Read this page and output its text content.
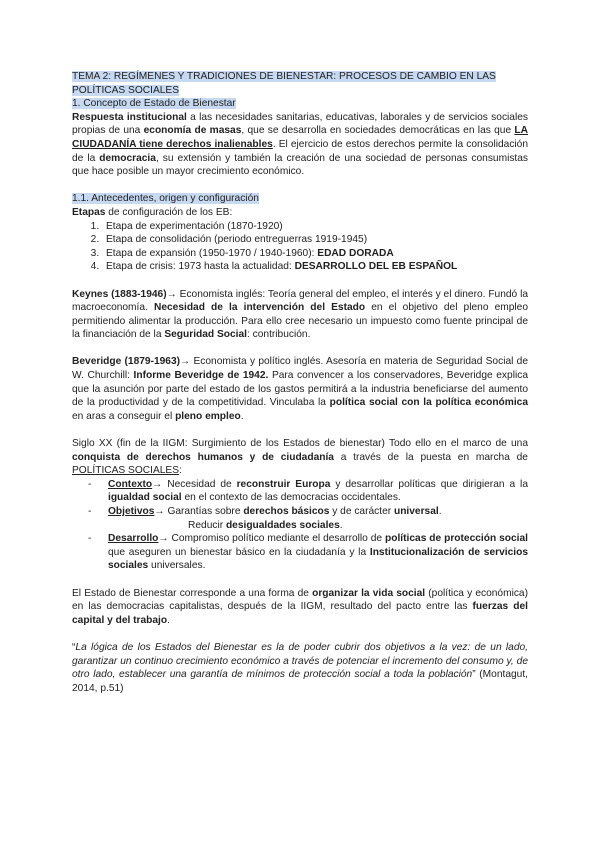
TEMA 2: REGÍMENES Y TRADICIONES DE BIENESTAR: PROCESOS DE CAMBIO EN LAS POLÍTICAS SOCIALES
1. Concepto de Estado de Bienestar

Respuesta institucional a las necesidades sanitarias, educativas, laborales y de servicios sociales propias de una economía de masas, que se desarrolla en sociedades democráticas en las que LA CIUDADANÍA tiene derechos inalienables. El ejercicio de estos derechos permite la consolidación de la democracia, su extensión y también la creación de una sociedad de personas consumistas que hace posible un mayor crecimiento económico.

1.1. Antecedentes, origen y configuración

Etapas de configuración de los EB:

1. Etapa de experimentación (1870-1920)
2. Etapa de consolidación (periodo entreguerras 1919-1945)
3. Etapa de expansión (1950-1970 / 1940-1960): EDAD DORADA
4. Etapa de crisis: 1973 hasta la actualidad: DESARROLLO DEL EB ESPAÑOL

Keynes (1883-1946)→ Economista inglés: Teoría general del empleo, el interés y el dinero. Fundó la macroeconomía. Necesidad de la intervención del Estado en el objetivo del pleno empleo permitiendo alimentar la producción. Para ello cree necesario un impuesto como fuente principal de la financiación de la Seguridad Social: contribución.

Beveridge (1879-1963)→ Economista y político inglés. Asesoría en materia de Seguridad Social de W. Churchill: Informe Beveridge de 1942. Para convencer a los conservadores, Beveridge explica que la asunción por parte del estado de los gastos permitirá a la industria beneficiarse del aumento de la productividad y de la competitividad. Vinculaba la política social con la política económica en aras a conseguir el pleno empleo.

Siglo XX (fin de la IIGM: Surgimiento de los Estados de bienestar) Todo ello en el marco de una conquista de derechos humanos y de ciudadanía a través de la puesta en marcha de POLÍTICAS SOCIALES:

- Contexto→ Necesidad de reconstruir Europa y desarrollar políticas que dirigieran a la igualdad social en el contexto de las democracias occidentales.
- Objetivos→ Garantías sobre derechos básicos y de carácter universal.
Reducir desigualdades sociales.
- Desarrollo→ Compromiso político mediante el desarrollo de políticas de protección social que aseguren un bienestar básico en la ciudadanía y la Institucionalización de servicios sociales universales.

El Estado de Bienestar corresponde a una forma de organizar la vida social (política y económica) en las democracias capitalistas, después de la IIGM, resultado del pacto entre las fuerzas del capital y del trabajo.

“La lógica de los Estados del Bienestar es la de poder cubrir dos objetivos a la vez: de un lado, garantizar un continuo crecimiento económico a través de potenciar el incremento del consumo y, de otro lado, establecer una garantía de mínimos de protección social a toda la población” (Montagut, 2014, p.51)
